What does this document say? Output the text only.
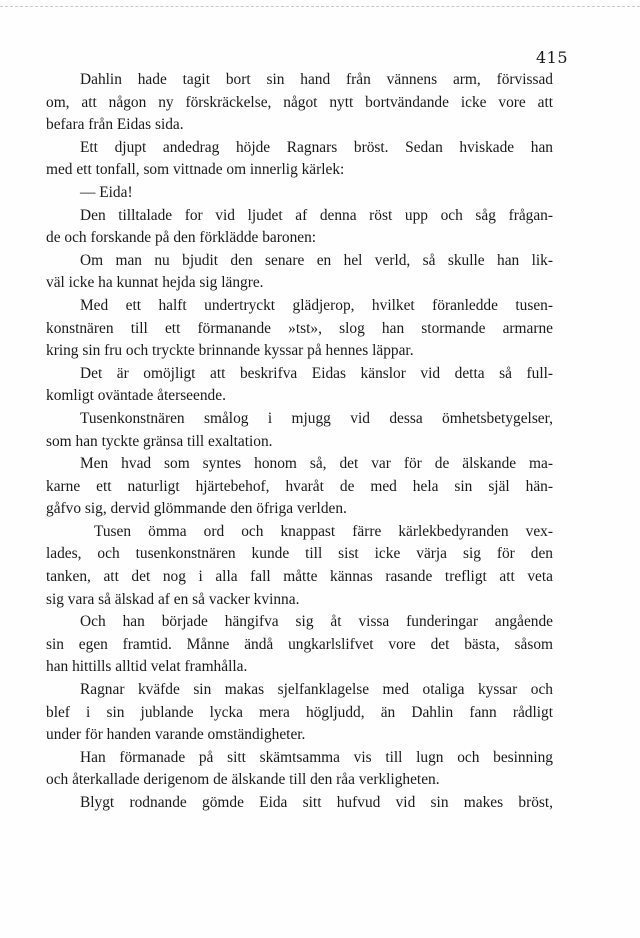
415
Dahlin hade tagit bort sin hand från vännens arm, förvissad
om, att någon ny förskräckelse, något nytt bortvändande icke vore att
befara från Eidas sida.
Ett djupt andedrag höjde Ragnars bröst. Sedan hviskade han
med ett tonfall, som vittnade om innerlig kärlek:
— Eida!
Den tilltalade for vid ljudet af denna röst upp och såg frågan-
de och forskande på den förklädde baronen:
Om man nu bjudit den senare en hel verld, så skulle han lik-
väl icke ha kunnat hejda sig längre.
Med ett halft undertryckt glädjerop, hvilket föranledde tusen-
konstnären till ett förmanande »tst», slog han stormande armarne
kring sin fru och tryckte brinnande kyssar på hennes läppar.
Det är omöjligt att beskrifva Eidas känslor vid detta så full-
komligt oväntade återseende.
Tusenkonstnären smålog i mjugg vid dessa ömhetsbetygelser,
som han tyckte gränsa till exaltation.
Men hvad som syntes honom så, det var för de älskande ma-
karne ett naturligt hjärtebehof, hvaråt de med hela sin själ hän-
gåfvo sig, dervid glömmande den öfriga verlden.
Tusen ömma ord och knappast färre kärlekbedyranden vex-
lades, och tusenkonstnären kunde till sist icke värja sig för den
tanken, att det nog i alla fall måtte kännas rasande trefligt att veta
sig vara så älskad af en så vacker kvinna.
Och han började hängifva sig åt vissa funderingar angående
sin egen framtid. Månne ändå ungkarlslifvet vore det bästa, såsom
han hittills alltid velat framhålla.
Ragnar kväfde sin makas sjelfanklagelse med otaliga kyssar och
blef i sin jublande lycka mera högljudd, än Dahlin fann rådligt
under för handen varande omständigheter.
Han förmanade på sitt skämtsamma vis till lugn och besinning
och återkallade derigenom de älskande till den råa verkligheten.
Blygt rodnande gömde Eida sitt hufvud vid sin makes bröst,
